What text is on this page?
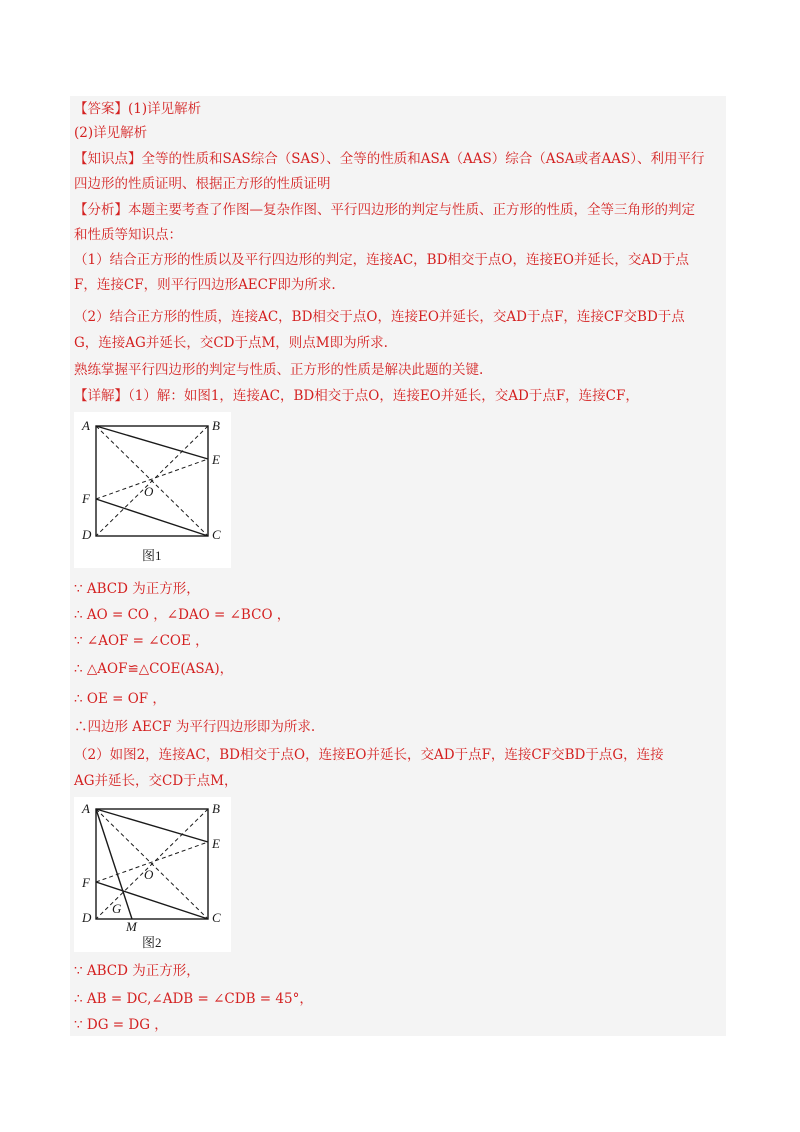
【答案】(1)详见解析
(2)详见解析
【知识点】全等的性质和SAS综合（SAS）、全等的性质和ASA（AAS）综合（ASA或者AAS）、利用平行
四边形的性质证明、根据正方形的性质证明
【分析】本题主要考查了作图—复杂作图、平行四边形的判定与性质、正方形的性质，全等三角形的判定
和性质等知识点：
（1）结合正方形的性质以及平行四边形的判定，连接AC，BD相交于点O，连接EO并延长，交AD于点
F，连接CF，则平行四边形AECF即为所求.
（2）结合正方形的性质，连接AC，BD相交于点O，连接EO并延长，交AD于点F，连接CF交BD于点
G，连接AG并延长，交CD于点M，则点M即为所求.
熟练掌握平行四边形的判定与性质、正方形的性质是解决此题的关键.
【详解】（1）解：如图1，连接AC，BD相交于点O，连接EO并延长，交AD于点F，连接CF，
A	B
E
F	O
D	C
图1
∵ ABCD 为正方形，
∴ AO = CO ，∠DAO = ∠BCO ，
∵ ∠AOF = ∠COE ，
∴ △AOF≌△COE(ASA)，
∴ OE = OF ，
∴四边形 AECF 为平行四边形即为所求.
（2）如图2，连接AC，BD相交于点O，连接EO并延长，交AD于点F，连接CF交BD于点G，连接
AG并延长，交CD于点M，
A	B
E
F
O
G
D	C
M
图2
∵ ABCD 为正方形，
∴ AB = DC,∠ADB = ∠CDB = 45°，
∵ DG = DG ，
